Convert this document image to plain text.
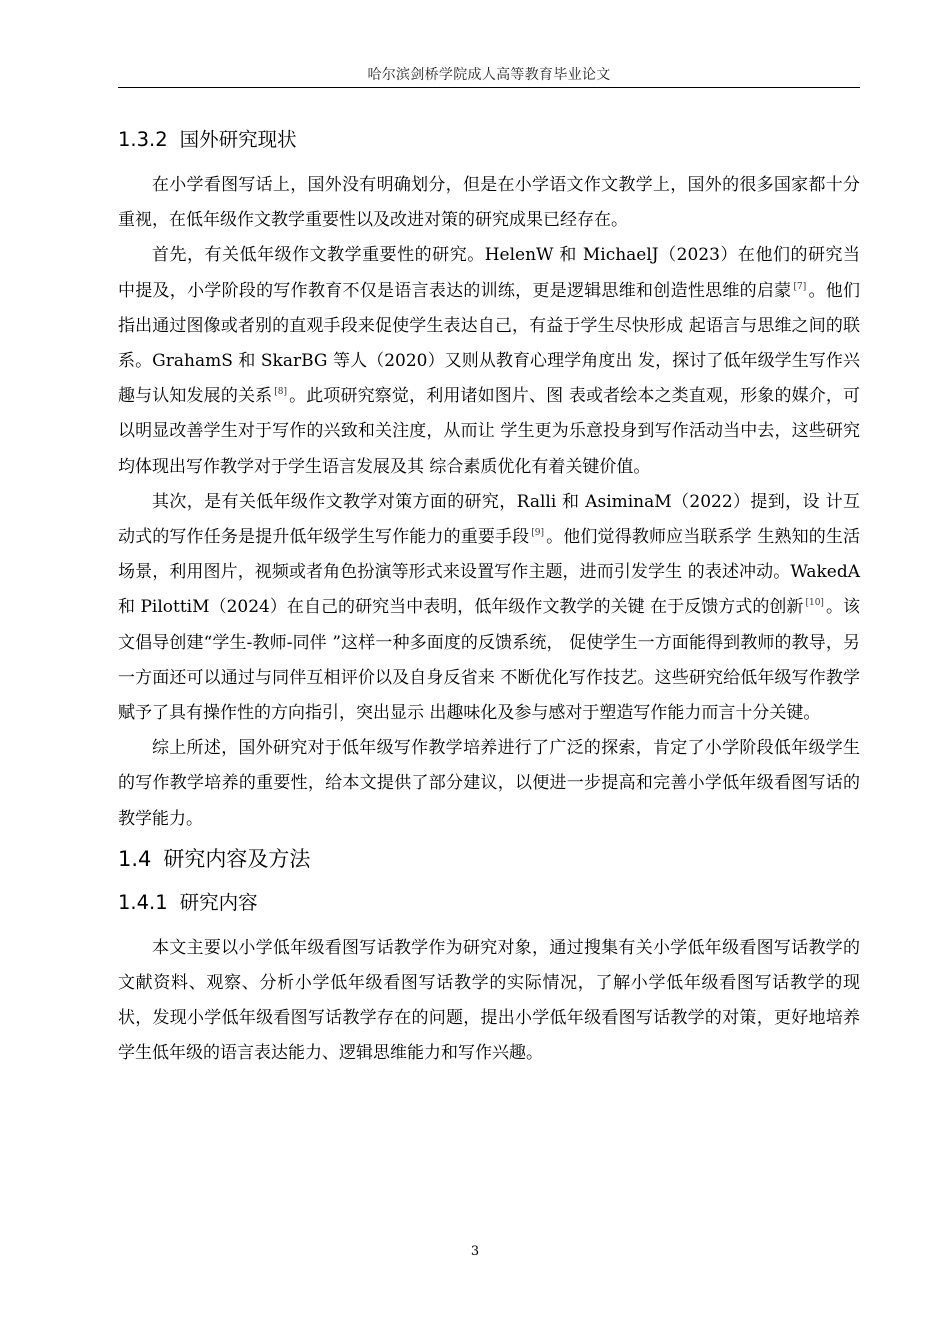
哈尔滨剑桥学院成人高等教育毕业论文
1.3.2 国外研究现状

在小学看图写话上，国外没有明确划分，但是在小学语文作文教学上，国外的很多国家都十分重视，在低年级作文教学重要性以及改进对策的研究成果已经存在。

首先，有关低年级作文教学重要性的研究。HelenW 和 MichaelJ（2023）在他们的研究当中提及，小学阶段的写作教育不仅是语言表达的训练，更是逻辑思维和创造性思维的启蒙 [7] 。他们指出通过图像或者别的直观手段来促使学生表达自己，有益于学生尽快形成 起语言与思维之间的联系。GrahamS 和 SkarBG 等人（2020）又则从教育心理学角度出 发，探讨了低年级学生写作兴趣与认知发展的关系 [8] 。此项研究察觉，利用诸如图片、图 表或者绘本之类直观，形象的媒介，可以明显改善学生对于写作的兴致和关注度，从而让 学生更为乐意投身到写作活动当中去，这些研究均体现出写作教学对于学生语言发展及其 综合素质优化有着关键价值。

其次，是有关低年级作文教学对策方面的研究，Ralli 和 AsiminaM（2022）提到，设 计互动式的写作任务是提升低年级学生写作能力的重要手段 [9] 。他们觉得教师应当联系学 生熟知的生活场景，利用图片，视频或者角色扮演等形式来设置写作主题，进而引发学生 的表述冲动。WakedA 和 PilottiM（2024）在自己的研究当中表明，低年级作文教学的关键 在于反馈方式的创新 [10] 。该文倡导创建“学生-教师-同伴 ”这样一种多面度的反馈系统， 促使学生一方面能得到教师的教导，另一方面还可以通过与同伴互相评价以及自身反省来 不断优化写作技艺。这些研究给低年级写作教学赋予了具有操作性的方向指引，突出显示 出趣味化及参与感对于塑造写作能力而言十分关键。

综上所述，国外研究对于低年级写作教学培养进行了广泛的探索，肯定了小学阶段低年级学生的写作教学培养的重要性，给本文提供了部分建议，以便进一步提高和完善小学低年级看图写话的教学能力。

1.4 研究内容及方法
1.4.1 研究内容

本文主要以小学低年级看图写话教学作为研究对象，通过搜集有关小学低年级看图写话教学的文献资料、观察、分析小学低年级看图写话教学的实际情况，了解小学低年级看图写话教学的现状，发现小学低年级看图写话教学存在的问题，提出小学低年级看图写话教学的对策，更好地培养学生低年级的语言表达能力、逻辑思维能力和写作兴趣。

3
